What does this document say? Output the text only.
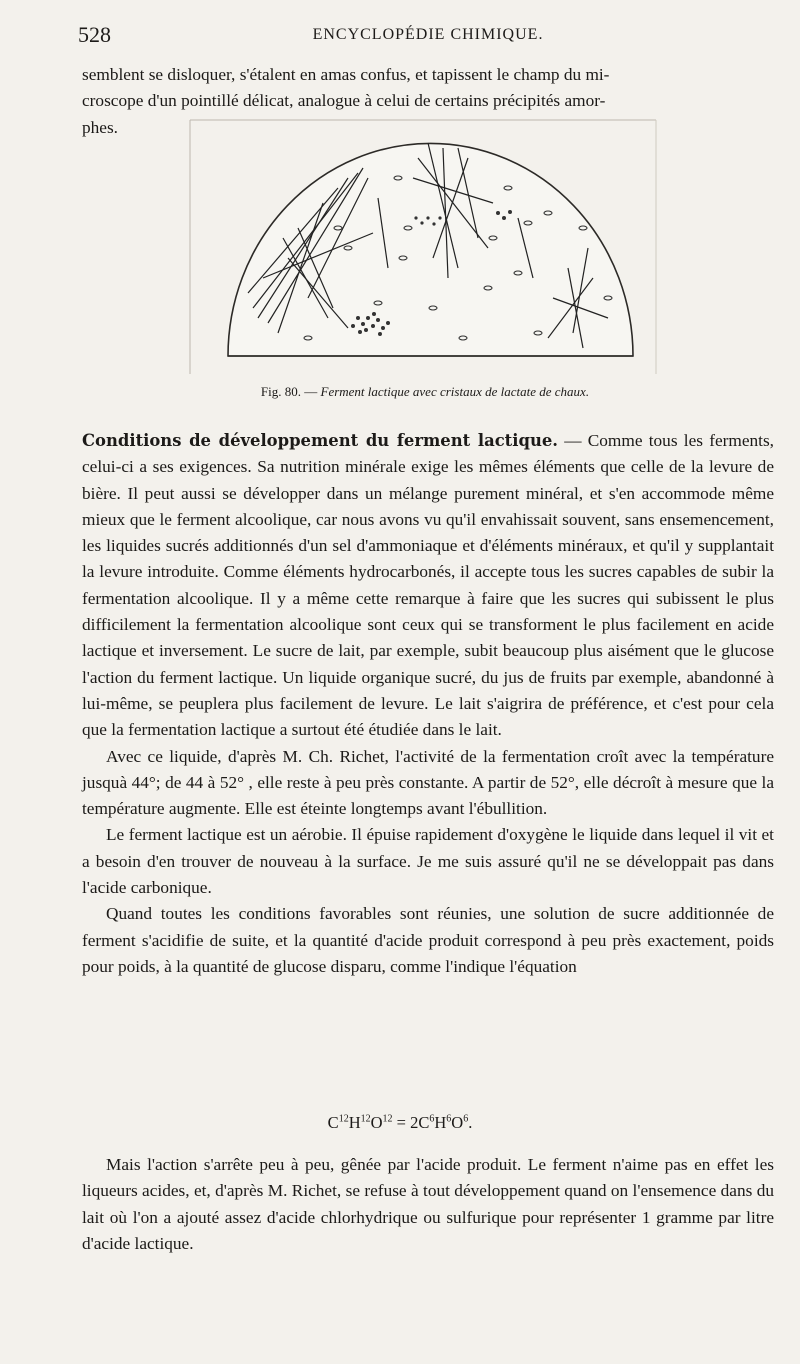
528	ENCYCLOPÉDIE CHIMIQUE.
semblent se disloquer, s'étalent en amas confus, et tapissent le champ du mi-
croscope d'un pointillé délicat, analogue à celui de certains précipités amor-
phes.
Fig. 80. — Ferment lactique avec cristaux de lactate de chaux.

Conditions de développement du ferment lactique. — Comme tous les ferments, celui-ci a ses exigences. Sa nutrition minérale exige les mêmes éléments que celle de la levure de bière. Il peut aussi se développer dans un mélange purement minéral, et s'en accommode même mieux que le ferment alcoolique, car nous avons vu qu'il envahissait souvent, sans ensemencement, les liquides sucrés additionnés d'un sel d'ammoniaque et d'éléments minéraux, et qu'il y supplantait la levure introduite. Comme éléments hydrocarbonés, il accepte tous les sucres capables de subir la fermentation alcoolique. Il y a même cette remarque à faire que les sucres qui subissent le plus difficilement la fermentation alcoolique sont ceux qui se transforment le plus facilement en acide lactique et inversement. Le sucre de lait, par exemple, subit beaucoup plus aisément que le glucose l'action du ferment lactique. Un liquide organique sucré, du jus de fruits par exemple, abandonné à lui-même, se peuplera plus facilement de levure. Le lait s'aigrira de préférence, et c'est pour cela que la fermentation lactique a surtout été étudiée dans le lait.

Avec ce liquide, d'après M. Ch. Richet, l'activité de la fermentation croît avec la température jusquà 44°; de 44 à 52° , elle reste à peu près constante. A partir de 52°, elle décroît à mesure que la température augmente. Elle est éteinte longtemps avant l'ébullition.

Le ferment lactique est un aérobie. Il épuise rapidement d'oxygène le liquide dans lequel il vit et a besoin d'en trouver de nouveau à la surface. Je me suis assuré qu'il ne se développait pas dans l'acide carbonique.

Quand toutes les conditions favorables sont réunies, une solution de sucre additionnée de ferment s'acidifie de suite, et la quantité d'acide produit correspond à peu près exactement, poids pour poids, à la quantité de glucose disparu, comme l'indique l'équation

$C^{12}H^{12}O^{12} = 2C^6H^6O^6$.

Mais l'action s'arrête peu à peu, gênée par l'acide produit. Le ferment n'aime pas en effet les liqueurs acides, et, d'après M. Richet, se refuse à tout développement quand on l'ensemence dans du lait où l'on a ajouté assez d'acide chlorhydrique ou sulfurique pour représenter 1 gramme par litre d'acide lactique.
